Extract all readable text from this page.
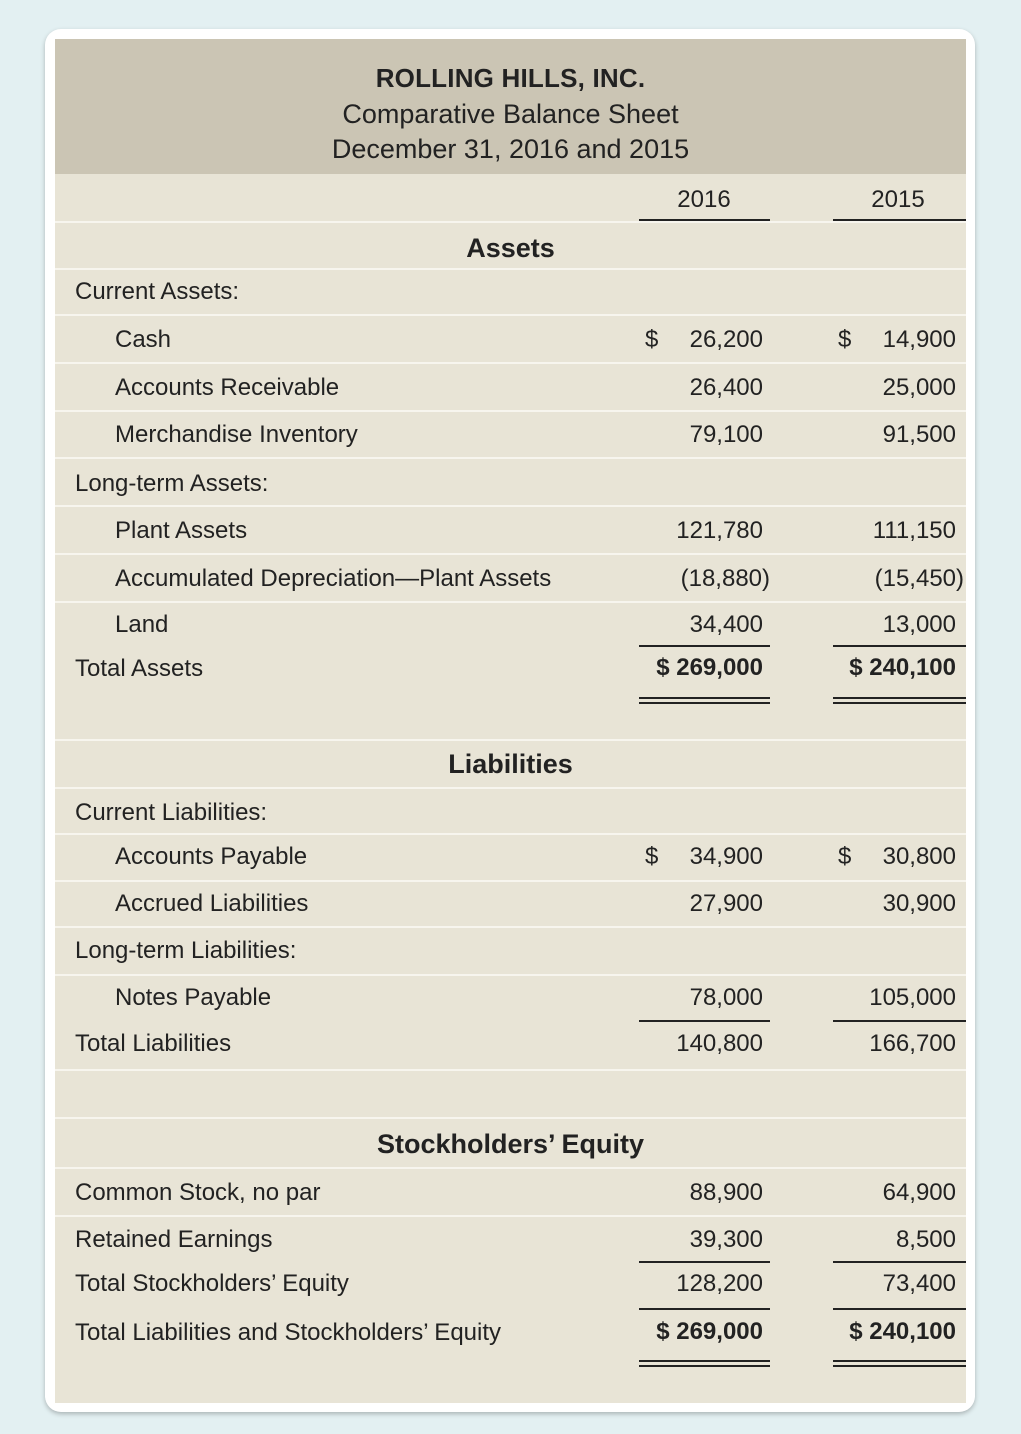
ROLLING HILLS, INC.
Comparative Balance Sheet
December 31, 2016 and 2015
2016	2015
Assets
Current Assets:
Cash	$ 26,200	$ 14,900
Accounts Receivable	26,400	25,000
Merchandise Inventory	79,100	91,500
Long-term Assets:
Plant Assets	121,780	111,150
Accumulated Depreciation—Plant Assets	(18,880)	(15,450)
Land	34,400	13,000
Total Assets	$ 269,000	$ 240,100
Liabilities
Current Liabilities:
Accounts Payable	$ 34,900	$ 30,800
Accrued Liabilities	27,900	30,900
Long-term Liabilities:
Notes Payable	78,000	105,000
Total Liabilities	140,800	166,700
Stockholders’ Equity
Common Stock, no par	88,900	64,900
Retained Earnings	39,300	8,500
Total Stockholders’ Equity	128,200	73,400
Total Liabilities and Stockholders’ Equity	$ 269,000	$ 240,100
